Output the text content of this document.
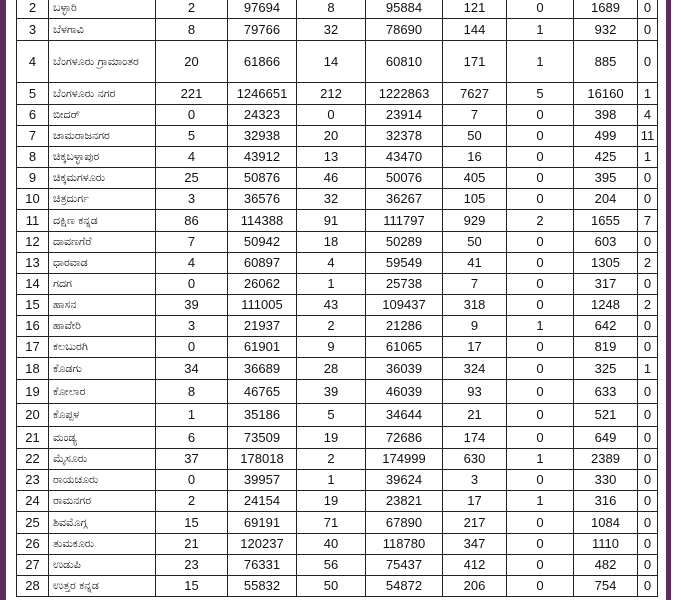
2	ಬಳ್ಳಾರಿ	2	97694	8	95884	121	0	1689	0
3	ಬೆಳಗಾವಿ	8	79766	32	78690	144	1	932	0
4	ಬೆಂಗಳೂರು ಗ್ರಾಮಾಂತರ	20	61866	14	60810	171	1	885	0
5	ಬೆಂಗಳೂರು ನಗರ	221	1246651	212	1222863	7627	5	16160	1
6	ಬೀದರ್	0	24323	0	23914	7	0	398	4
7	ಚಾಮರಾಜನಗರ	5	32938	20	32378	50	0	499	11
8	ಚಿಕ್ಕಬಳ್ಳಾಪುರ	4	43912	13	43470	16	0	425	1
9	ಚಿಕ್ಕಮಗಳೂರು	25	50876	46	50076	405	0	395	0
10	ಚಿತ್ರದುರ್ಗ	3	36576	32	36267	105	0	204	0
11	ದಕ್ಷಿಣ ಕನ್ನಡ	86	114388	91	111797	929	2	1655	7
12	ದಾವಣಗೆರೆ	7	50942	18	50289	50	0	603	0
13	ಧಾರವಾಡ	4	60897	4	59549	41	0	1305	2
14	ಗದಗ	0	26062	1	25738	7	0	317	0
15	ಹಾಸನ	39	111005	43	109437	318	0	1248	2
16	ಹಾವೇರಿ	3	21937	2	21286	9	1	642	0
17	ಕಲಬುರಗಿ	0	61901	9	61065	17	0	819	0
18	ಕೊಡಗು	34	36689	28	36039	324	0	325	1
19	ಕೋಲಾರ	8	46765	39	46039	93	0	633	0
20	ಕೊಪ್ಪಳ	1	35186	5	34644	21	0	521	0
21	ಮಂಡ್ಯ	6	73509	19	72686	174	0	649	0
22	ಮೈಸೂರು	37	178018	2	174999	630	1	2389	0
23	ರಾಯಚೂರು	0	39957	1	39624	3	0	330	0
24	ರಾಮನಗರ	2	24154	19	23821	17	1	316	0
25	ಶಿವಮೊಗ್ಗ	15	69191	71	67890	217	0	1084	0
26	ತುಮಕೂರು	21	120237	40	118780	347	0	1110	0
27	ಉಡುಪಿ	23	76331	56	75437	412	0	482	0
28	ಉತ್ತರ ಕನ್ನಡ	15	55832	50	54872	206	0	754	0
